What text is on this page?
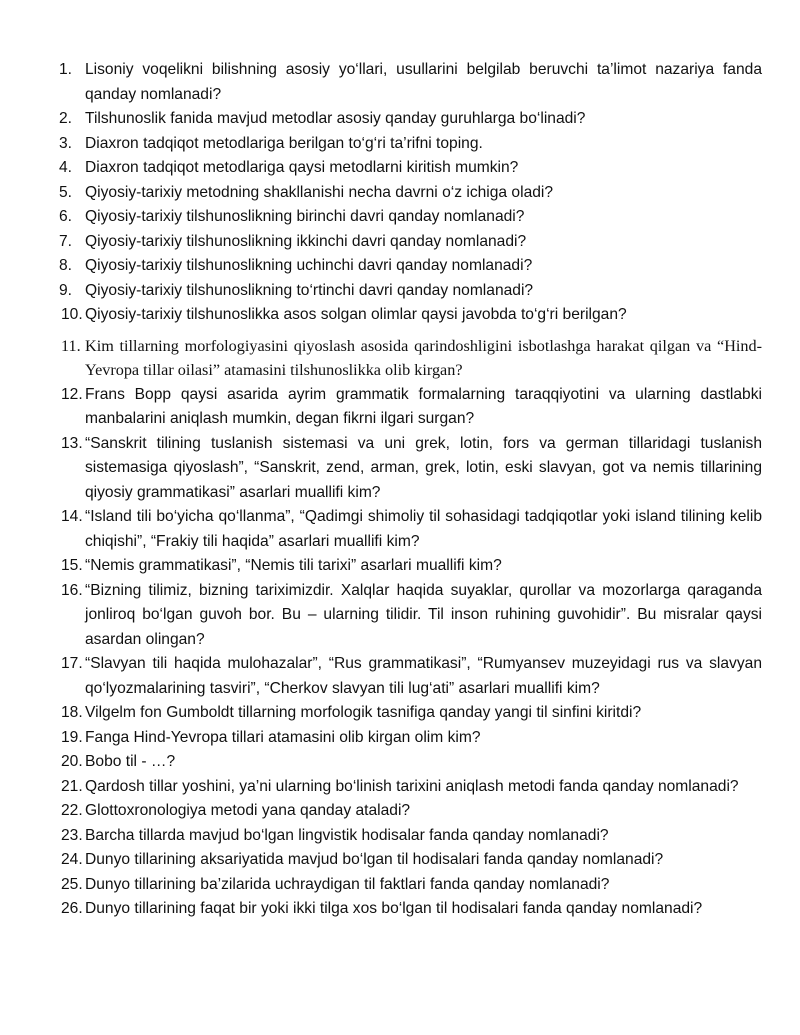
1. Lisoniy voqelikni bilishning asosiy yo‘llari, usullarini belgilab beruvchi ta’limot nazariya fanda qanday nomlanadi?
2. Tilshunoslik fanida mavjud metodlar asosiy qanday guruhlarga bo‘linadi?
3. Diaxron tadqiqot metodlariga berilgan to‘g‘ri ta’rifni toping.
4. Diaxron tadqiqot metodlariga qaysi metodlarni kiritish mumkin?
5. Qiyosiy-tarixiy metodning shakllanishi necha davrni o‘z ichiga oladi?
6. Qiyosiy-tarixiy tilshunoslikning birinchi davri qanday nomlanadi?
7. Qiyosiy-tarixiy tilshunoslikning ikkinchi davri qanday nomlanadi?
8. Qiyosiy-tarixiy tilshunoslikning uchinchi davri qanday nomlanadi?
9. Qiyosiy-tarixiy tilshunoslikning to‘rtinchi davri qanday nomlanadi?
10. Qiyosiy-tarixiy tilshunoslikka asos solgan olimlar qaysi javobda to‘g‘ri berilgan?
11. Kim tillarning morfologiyasini qiyoslash asosida qarindoshligini isbotlashga harakat qilgan va “Hind-Yevropa tillar oilasi” atamasini tilshunoslikka olib kirgan?
12. Frans Bopp qaysi asarida ayrim grammatik formalarning taraqqiyotini va ularning dastlabki manbalarini aniqlash mumkin, degan fikrni ilgari surgan?
13. “Sanskrit tilining tuslanish sistemasi va uni grek, lotin, fors va german tillaridagi tuslanish sistemasiga qiyoslash”, “Sanskrit, zend, arman, grek, lotin, eski slavyan, got va nemis tillarining qiyosiy grammatikasi” asarlari muallifi kim?
14. “Island tili bo‘yicha qo‘llanma”, “Qadimgi shimoliy til sohasidagi tadqiqotlar yoki island tilining kelib chiqishi”, “Frakiy tili haqida” asarlari muallifi kim?
15. “Nemis grammatikasi”, “Nemis tili tarixi” asarlari muallifi kim?
16. “Bizning tilimiz, bizning tariximizdir. Xalqlar haqida suyaklar, qurollar va mozorlarga qaraganda jonliroq bo‘lgan guvoh bor. Bu – ularning tilidir. Til inson ruhining guvohidir”. Bu misralar qaysi asardan olingan?
17. “Slavyan tili haqida mulohazalar”, “Rus grammatikasi”, “Rumyansev muzeyidagi rus va slavyan qo‘lyozmalarining tasviri”, “Cherkov slavyan tili lug‘ati” asarlari muallifi kim?
18. Vilgelm fon Gumboldt tillarning morfologik tasnifiga qanday yangi til sinfini kiritdi?
19. Fanga Hind-Yevropa tillari atamasini olib kirgan olim kim?
20. Bobo til - …?
21. Qardosh tillar yoshini, ya’ni ularning bo‘linish tarixini aniqlash metodi fanda qanday nomlanadi?
22. Glottoxronologiya metodi yana qanday ataladi?
23. Barcha tillarda mavjud bo‘lgan lingvistik hodisalar fanda qanday nomlanadi?
24. Dunyo tillarining aksariyatida mavjud bo‘lgan til hodisalari fanda qanday nomlanadi?
25. Dunyo tillarining ba’zilarida uchraydigan til faktlari fanda qanday nomlanadi?
26. Dunyo tillarining faqat bir yoki ikki tilga xos bo‘lgan til hodisalari fanda qanday nomlanadi?
